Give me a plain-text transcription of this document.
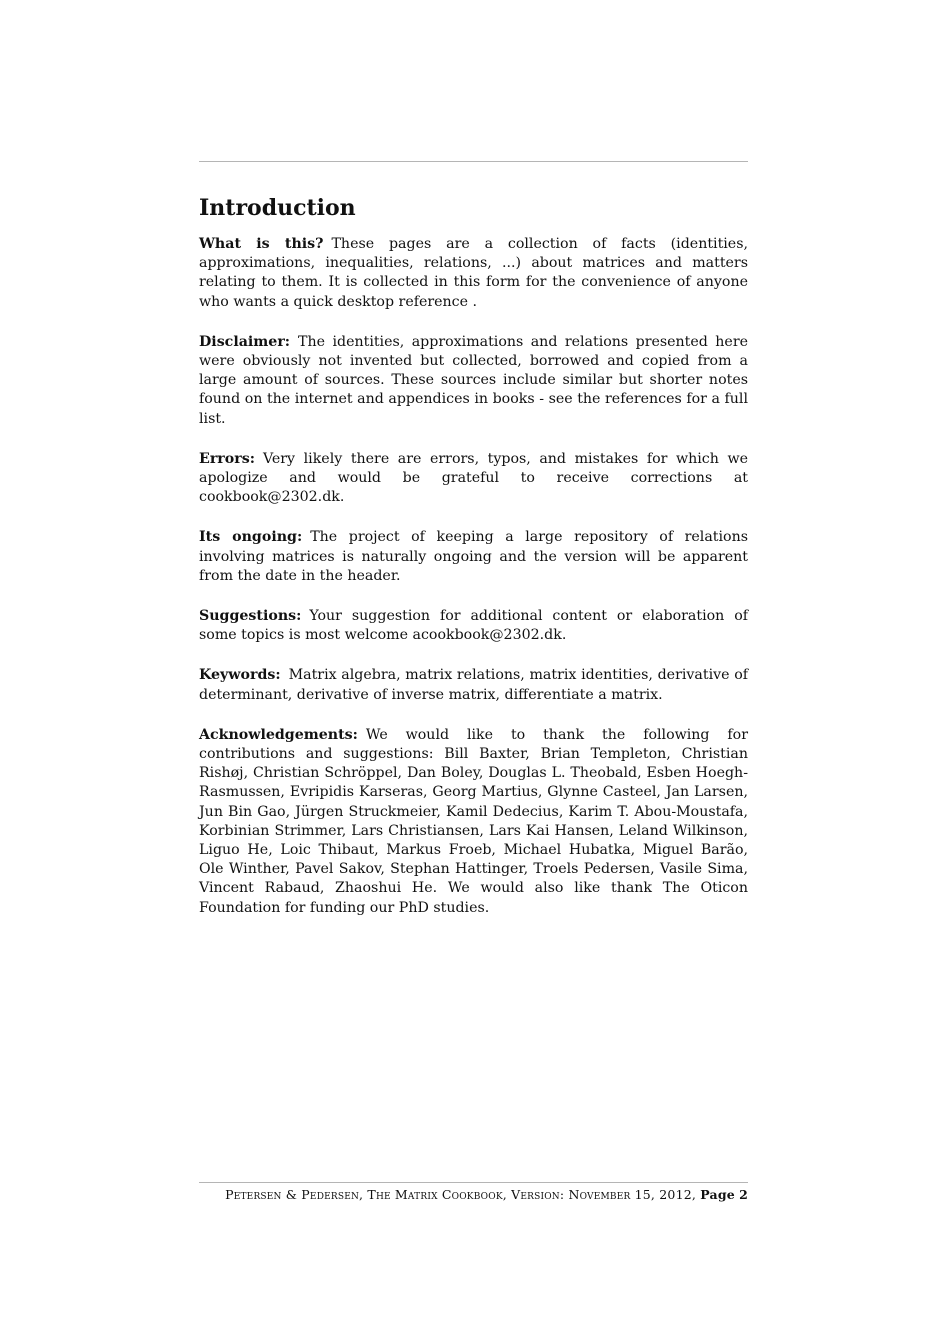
Introduction

What is this? These pages are a collection of facts (identities, approximations, inequalities, relations, ...) about matrices and matters relating to them. It is collected in this form for the convenience of anyone who wants a quick desktop reference .

Disclaimer: The identities, approximations and relations presented here were obviously not invented but collected, borrowed and copied from a large amount of sources. These sources include similar but shorter notes found on the internet and appendices in books - see the references for a full list.

Errors: Very likely there are errors, typos, and mistakes for which we apologize and would be grateful to receive corrections at cookbook@2302.dk.

Its ongoing: The project of keeping a large repository of relations involving matrices is naturally ongoing and the version will be apparent from the date in the header.

Suggestions: Your suggestion for additional content or elaboration of some topics is most welcome acookbook@2302.dk.

Keywords: Matrix algebra, matrix relations, matrix identities, derivative of determinant, derivative of inverse matrix, differentiate a matrix.

Acknowledgements: We would like to thank the following for contributions and suggestions: Bill Baxter, Brian Templeton, Christian Rishøj, Christian Schröppel, Dan Boley, Douglas L. Theobald, Esben Hoegh-Rasmussen, Evripidis Karseras, Georg Martius, Glynne Casteel, Jan Larsen, Jun Bin Gao, Jürgen Struckmeier, Kamil Dedecius, Karim T. Abou-Moustafa, Korbinian Strimmer, Lars Christiansen, Lars Kai Hansen, Leland Wilkinson, Liguo He, Loic Thibaut, Markus Froeb, Michael Hubatka, Miguel Barão, Ole Winther, Pavel Sakov, Stephan Hattinger, Troels Pedersen, Vasile Sima, Vincent Rabaud, Zhaoshui He. We would also like thank The Oticon Foundation for funding our PhD studies.

Petersen & Pedersen, The Matrix Cookbook, Version: November 15, 2012, Page 2
